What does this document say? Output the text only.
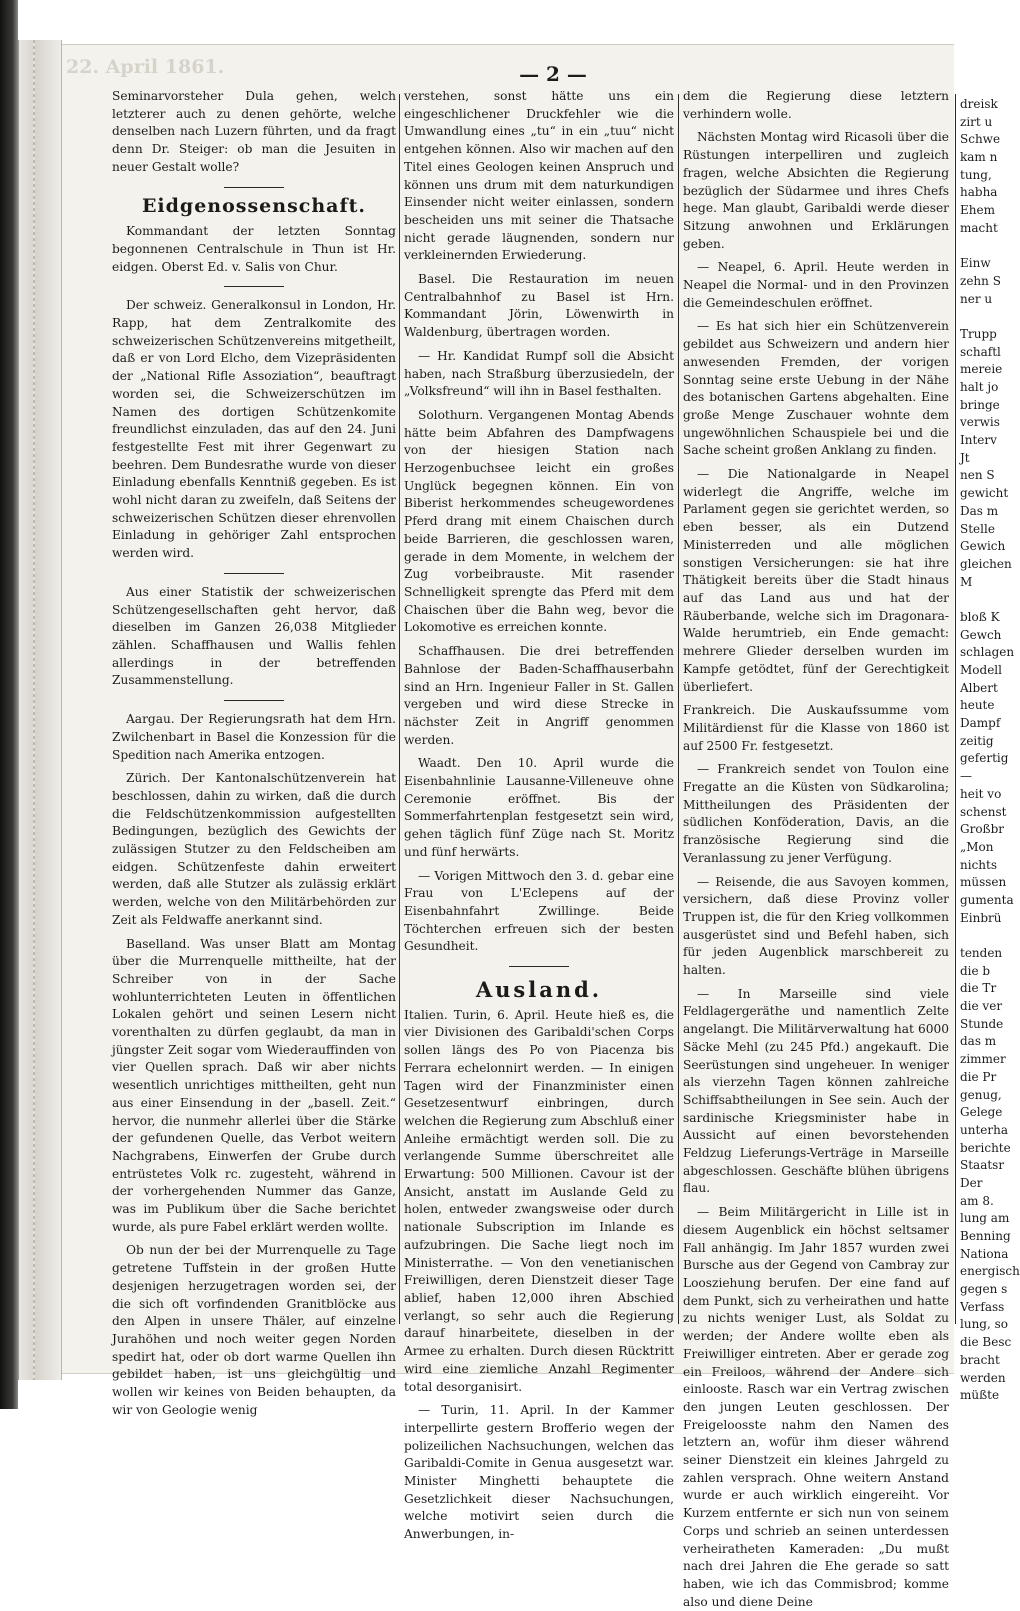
22. April 1861.	— 2 —

Seminarvorsteher Dula gehen, welch letzterer auch zu denen gehörte, welche denselben nach Luzern führten, und da fragt denn Dr. Steiger: ob man die Jesuiten in neuer Gestalt wolle?

Eidgenossenschaft.

Kommandant der letzten Sonntag begonnenen Centralschule in Thun ist Hr. eidgen. Oberst Ed. v. Salis von Chur.

Der schweiz. Generalkonsul in London, Hr. Rapp, hat dem Zentralkomite des schweizerischen Schützenvereins mitgetheilt, daß er von Lord Elcho, dem Vizepräsidenten der „National Rifle Assoziation“, beauftragt worden sei, die Schweizerschützen im Namen des dortigen Schützenkomite freundlichst einzuladen, das auf den 24. Juni festgestellte Fest mit ihrer Gegenwart zu beehren. Dem Bundesrathe wurde von dieser Einladung ebenfalls Kenntniß gegeben. Es ist wohl nicht daran zu zweifeln, daß Seitens der schweizerischen Schützen dieser ehrenvollen Einladung in gehöriger Zahl entsprochen werden wird.

Aus einer Statistik der schweizerischen Schützengesellschaften geht hervor, daß dieselben im Ganzen 26,038 Mitglieder zählen. Schaffhausen und Wallis fehlen allerdings in der betreffenden Zusammenstellung.

Aargau. Der Regierungsrath hat dem Hrn. Zwilchenbart in Basel die Konzession für die Spedition nach Amerika entzogen.

Zürich. Der Kantonalschützenverein hat beschlossen, dahin zu wirken, daß die durch die Feldschützenkommission aufgestellten Bedingungen, bezüglich des Gewichts der zulässigen Stutzer zu den Feldscheiben am eidgen. Schützenfeste dahin erweitert werden, daß alle Stutzer als zulässig erklärt werden, welche von den Militärbehörden zur Zeit als Feldwaffe anerkannt sind.

Baselland. Was unser Blatt am Montag über die Murrenquelle mittheilte, hat der Schreiber von in der Sache wohlunterrichteten Leuten in öffentlichen Lokalen gehört und seinen Lesern nicht vorenthalten zu dürfen geglaubt, da man in jüngster Zeit sogar vom Wiederauffinden von vier Quellen sprach. Daß wir aber nichts wesentlich unrichtiges mittheilten, geht nun aus einer Einsendung in der „basell. Zeit.“ hervor, die nunmehr allerlei über die Stärke der gefundenen Quelle, das Verbot weitern Nachgrabens, Einwerfen der Grube durch entrüstetes Volk rc. zugesteht, während in der vorhergehenden Nummer das Ganze, was im Publikum über die Sache berichtet wurde, als pure Fabel erklärt werden wollte.

Ob nun der bei der Murrenquelle zu Tage getretene Tuffstein in der großen Hutte desjenigen herzugetragen worden sei, der die sich oft vorfindenden Granitblöcke aus den Alpen in unsere Thäler, auf einzelne Jurahöhen und noch weiter gegen Norden spedirt hat, oder ob dort warme Quellen ihn gebildet haben, ist uns gleichgültig und wollen wir keines von Beiden behaupten, da wir von Geologie wenig

verstehen, sonst hätte uns ein eingeschlichener Druckfehler wie die Umwandlung eines „tu“ in ein „tuu“ nicht entgehen können. Also wir machen auf den Titel eines Geologen keinen Anspruch und können uns drum mit dem naturkundigen Einsender nicht weiter einlassen, sondern bescheiden uns mit seiner die Thatsache nicht gerade läugnenden, sondern nur verkleinernden Erwiederung.

Basel. Die Restauration im neuen Centralbahnhof zu Basel ist Hrn. Kommandant Jörin, Löwenwirth in Waldenburg, übertragen worden.

— Hr. Kandidat Rumpf soll die Absicht haben, nach Straßburg überzusiedeln, der „Volksfreund“ will ihn in Basel festhalten.

Solothurn. Vergangenen Montag Abends hätte beim Abfahren des Dampfwagens von der hiesigen Station nach Herzogenbuchsee leicht ein großes Unglück begegnen können. Ein von Biberist herkommendes scheugewordenes Pferd drang mit einem Chaischen durch beide Barrieren, die geschlossen waren, gerade in dem Momente, in welchem der Zug vorbeibrauste. Mit rasender Schnelligkeit sprengte das Pferd mit dem Chaischen über die Bahn weg, bevor die Lokomotive es erreichen konnte.

Schaffhausen. Die drei betreffenden Bahnlose der Baden-Schaffhauserbahn sind an Hrn. Ingenieur Faller in St. Gallen vergeben und wird diese Strecke in nächster Zeit in Angriff genommen werden.

Waadt. Den 10. April wurde die Eisenbahnlinie Lausanne-Villeneuve ohne Ceremonie eröffnet. Bis der Sommerfahrtenplan festgesetzt sein wird, gehen täglich fünf Züge nach St. Moritz und fünf herwärts.

— Vorigen Mittwoch den 3. d. gebar eine Frau von L'Eclepens auf der Eisenbahnfahrt Zwillinge. Beide Töchterchen erfreuen sich der besten Gesundheit.

Ausland.

Italien. Turin, 6. April. Heute hieß es, die vier Divisionen des Garibaldi'schen Corps sollen längs des Po von Piacenza bis Ferrara echelonnirt werden. — In einigen Tagen wird der Finanzminister einen Gesetzesentwurf einbringen, durch welchen die Regierung zum Abschluß einer Anleihe ermächtigt werden soll. Die zu verlangende Summe überschreitet alle Erwartung: 500 Millionen. Cavour ist der Ansicht, anstatt im Auslande Geld zu holen, entweder zwangsweise oder durch nationale Subscription im Inlande es aufzubringen. Die Sache liegt noch im Ministerrathe. — Von den venetianischen Freiwilligen, deren Dienstzeit dieser Tage ablief, haben 12,000 ihren Abschied verlangt, so sehr auch die Regierung darauf hinarbeitete, dieselben in der Armee zu erhalten. Durch diesen Rücktritt wird eine ziemliche Anzahl Regimenter total desorganisirt.

— Turin, 11. April. In der Kammer interpellirte gestern Brofferio wegen der polizeilichen Nachsuchungen, welchen das Garibaldi-Comite in Genua ausgesetzt war. Minister Minghetti behauptete die Gesetzlichkeit dieser Nachsuchungen, welche motivirt seien durch die Anwerbungen, in-

dem die Regierung diese letztern verhindern wolle.

Nächsten Montag wird Ricasoli über die Rüstungen interpelliren und zugleich fragen, welche Absichten die Regierung bezüglich der Südarmee und ihres Chefs hege. Man glaubt, Garibaldi werde dieser Sitzung anwohnen und Erklärungen geben.

— Neapel, 6. April. Heute werden in Neapel die Normal- und in den Provinzen die Gemeindeschulen eröffnet.

— Es hat sich hier ein Schützenverein gebildet aus Schweizern und andern hier anwesenden Fremden, der vorigen Sonntag seine erste Uebung in der Nähe des botanischen Gartens abgehalten. Eine große Menge Zuschauer wohnte dem ungewöhnlichen Schauspiele bei und die Sache scheint großen Anklang zu finden.

— Die Nationalgarde in Neapel widerlegt die Angriffe, welche im Parlament gegen sie gerichtet werden, so eben besser, als ein Dutzend Ministerreden und alle möglichen sonstigen Versicherungen: sie hat ihre Thätigkeit bereits über die Stadt hinaus auf das Land aus und hat der Räuberbande, welche sich im Dragonara-Walde herumtrieb, ein Ende gemacht: mehrere Glieder derselben wurden im Kampfe getödtet, fünf der Gerechtigkeit überliefert.

Frankreich. Die Auskaufssumme vom Militärdienst für die Klasse von 1860 ist auf 2500 Fr. festgesetzt.

— Frankreich sendet von Toulon eine Fregatte an die Küsten von Südkarolina; Mittheilungen des Präsidenten der südlichen Konföderation, Davis, an die französische Regierung sind die Veranlassung zu jener Verfügung.

— Reisende, die aus Savoyen kommen, versichern, daß diese Provinz voller Truppen ist, die für den Krieg vollkommen ausgerüstet sind und Befehl haben, sich für jeden Augenblick marschbereit zu halten.

— In Marseille sind viele Feldlagergeräthe und namentlich Zelte angelangt. Die Militärverwaltung hat 6000 Säcke Mehl (zu 245 Pfd.) angekauft. Die Seerüstungen sind ungeheuer. In weniger als vierzehn Tagen können zahlreiche Schiffsabtheilungen in See sein. Auch der sardinische Kriegsminister habe in Aussicht auf einen bevorstehenden Feldzug Lieferungs-Verträge in Marseille abgeschlossen. Geschäfte blühen übrigens flau.

— Beim Militärgericht in Lille ist in diesem Augenblick ein höchst seltsamer Fall anhängig. Im Jahr 1857 wurden zwei Bursche aus der Gegend von Cambray zur Loosziehung berufen. Der eine fand auf dem Punkt, sich zu verheirathen und hatte zu nichts weniger Lust, als Soldat zu werden; der Andere wollte eben als Freiwilliger eintreten. Aber er gerade zog ein Freiloos, während der Andere sich einlooste. Rasch war ein Vertrag zwischen den jungen Leuten geschlossen. Der Freigeloosste nahm den Namen des letztern an, wofür ihm dieser während seiner Dienstzeit ein kleines Jahrgeld zu zahlen versprach. Ohne weitern Anstand wurde er auch wirklich eingereiht. Vor Kurzem entfernte er sich nun von seinem Corps und schrieb an seinen unterdessen verheiratheten Kameraden: „Du mußt nach drei Jahren die Ehe gerade so satt haben, wie ich das Commisbrod; komme also und diene Deine

dreisk
zirt u
Schwe
kam n
tung,
habha
Ehem
macht
Einw
zehn S
ner u
Trupp
schaftl
mereie
halt jo
bringe
verwis
Interv
Jt
nen S
gewicht
Das m
Stelle
Gewich
gleichen
M
bloß K
Gewch
schlagen
Modell
Albert
heute
Dampf
zeitig
gefertig
—
heit vo
schenst
Großbr
„Mon
nichts
müssen
gumenta
Einbrü
tenden
die b
die Tr
die ver
Stunde
das m
zimmer
die Pr
genug,
Gelege
unterha
berichte
Staatsr
Der
am 8.
lung am
Benning
Nationa
energisch
gegen s
Verfass
lung, so
die Besc
bracht
werden
müßte
